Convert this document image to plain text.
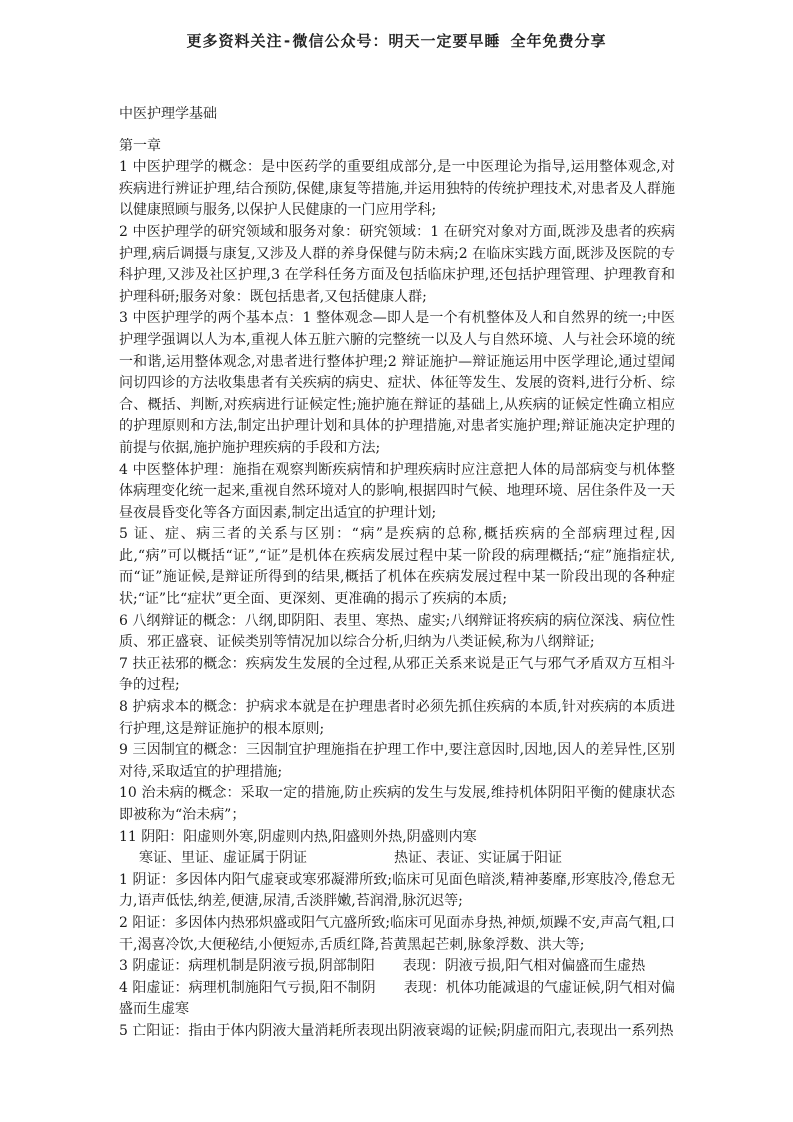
更多资料关注-微信公众号：明天一定要早睡 全年免费分享
中医护理学基础
第一章

1 中医护理学的概念：是中医药学的重要组成部分,是一中医理论为指导,运用整体观念,对疾病进行辨证护理,结合预防,保健,康复等措施,并运用独特的传统护理技术,对患者及人群施以健康照顾与服务,以保护人民健康的一门应用学科;

2 中医护理学的研究领域和服务对象：研究领域：1 在研究对象对方面,既涉及患者的疾病护理,病后调摄与康复,又涉及人群的养身保健与防未病;2 在临床实践方面,既涉及医院的专科护理,又涉及社区护理,3 在学科任务方面及包括临床护理,还包括护理管理、护理教育和护理科研;服务对象：既包括患者,又包括健康人群;

3 中医护理学的两个基本点：1 整体观念—即人是一个有机整体及人和自然界的统一;中医护理学强调以人为本,重视人体五脏六腑的完整统一以及人与自然环境、人与社会环境的统一和谐,运用整体观念,对患者进行整体护理;2 辩证施护—辩证施运用中医学理论,通过望闻问切四诊的方法收集患者有关疾病的病史、症状、体征等发生、发展的资料,进行分析、综合、概括、判断,对疾病进行证候定性;施护施在辩证的基础上,从疾病的证候定性确立相应的护理原则和方法,制定出护理计划和具体的护理措施,对患者实施护理;辩证施决定护理的前提与依据,施护施护理疾病的手段和方法;

4 中医整体护理：施指在观察判断疾病情和护理疾病时应注意把人体的局部病变与机体整体病理变化统一起来,重视自然环境对人的影响,根据四时气候、地理环境、居住条件及一天昼夜晨昏变化等各方面因素,制定出适宜的护理计划;

5 证、症、病三者的关系与区别：“病”是疾病的总称,概括疾病的全部病理过程,因此,“病”可以概括“证”,“证”是机体在疾病发展过程中某一阶段的病理概括;“症”施指症状,而“证”施证候,是辩证所得到的结果,概括了机体在疾病发展过程中某一阶段出现的各种症状;“证”比“症状”更全面、更深刻、更准确的揭示了疾病的本质;

6 八纲辩证的概念：八纲,即阴阳、表里、寒热、虚实;八纲辩证将疾病的病位深浅、病位性质、邪正盛衰、证候类别等情况加以综合分析,归纳为八类证候,称为八纲辩证;

7 扶正祛邪的概念：疾病发生发展的全过程,从邪正关系来说是正气与邪气矛盾双方互相斗争的过程;

8 护病求本的概念：护病求本就是在护理患者时必须先抓住疾病的本质,针对疾病的本质进行护理,这是辩证施护的根本原则;

9 三因制宜的概念：三因制宜护理施指在护理工作中,要注意因时,因地,因人的差异性,区别对待,采取适宜的护理措施;

10 治未病的概念：采取一定的措施,防止疾病的发生与发展,维持机体阴阳平衡的健康状态即被称为“治未病”；

11 阴阳：阳虚则外寒,阴虚则内热,阳盛则外热,阴盛则内寒

寒证、里证、虚证属于阴证	热证、表证、实证属于阳证

1 阴证：多因体内阳气虚衰或寒邪凝滞所致;临床可见面色暗淡,精神萎靡,形寒肢冷,倦怠无力,语声低怯,纳差,便溏,尿清,舌淡胖嫩,苔润滑,脉沉迟等;

2 阳证：多因体内热邪炽盛或阳气亢盛所致;临床可见面赤身热,神烦,烦躁不安,声高气粗,口干,渴喜冷饮,大便秘结,小便短赤,舌质红降,苔黄黑起芒刺,脉象浮数、洪大等;

3 阴虚证：病理机制是阴液亏损,阴部制阳　　表现：阴液亏损,阳气相对偏盛而生虚热

4 阳虚证：病理机制施阳气亏损,阳不制阴　　表现：机体功能减退的气虚证候,阴气相对偏盛而生虚寒

5 亡阳证：指由于体内阴液大量消耗所表现出阴液衰竭的证候;阴虚而阳亢,表现出一系列热
